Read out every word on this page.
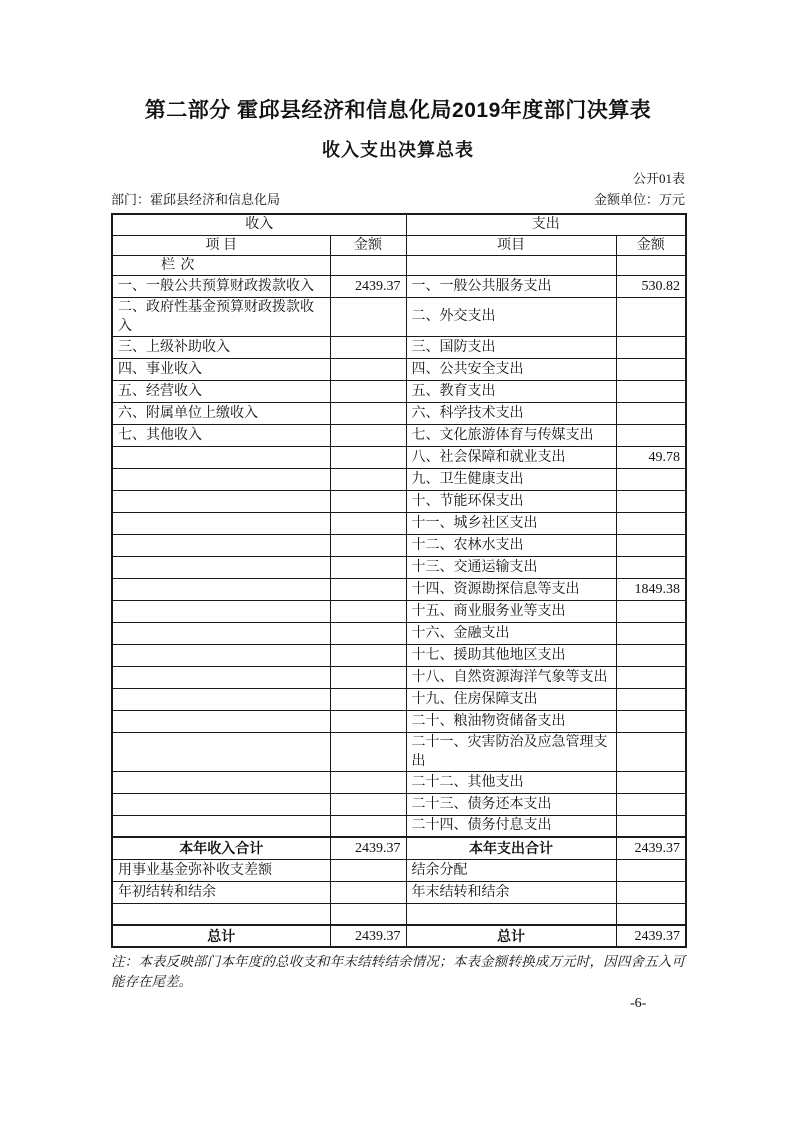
第二部分 霍邱县经济和信息化局2019年度部门决算表
收入支出决算总表
公开01表
部门：霍邱县经济和信息化局	金额单位：万元
收入		支出	
项 目	金额	项目	金额
栏 次			
一、一般公共预算财政拨款收入	2439.37	一、一般公共服务支出	530.82
二、政府性基金预算财政拨款收入		二、外交支出	
三、上级补助收入		三、国防支出	
四、事业收入		四、公共安全支出	
五、经营收入		五、教育支出	
六、附属单位上缴收入		六、科学技术支出	
七、其他收入		七、文化旅游体育与传媒支出	
		八、社会保障和就业支出	49.78
		九、卫生健康支出	
		十、节能环保支出	
		十一、城乡社区支出	
		十二、农林水支出	
		十三、交通运输支出	
		十四、资源勘探信息等支出	1849.38
		十五、商业服务业等支出	
		十六、金融支出	
		十七、援助其他地区支出	
		十八、自然资源海洋气象等支出	
		十九、住房保障支出	
		二十、粮油物资储备支出	
		二十一、灾害防治及应急管理支出	
		二十二、其他支出	
		二十三、债务还本支出	
		二十四、债务付息支出	
本年收入合计	2439.37	本年支出合计	2439.37
用事业基金弥补收支差额		结余分配	
年初结转和结余		年末结转和结余	

总计	2439.37	总计	2439.37
注：本表反映部门本年度的总收支和年末结转结余情况；本表金额转换成万元时，因四舍五入可能存在尾差。
-6-
